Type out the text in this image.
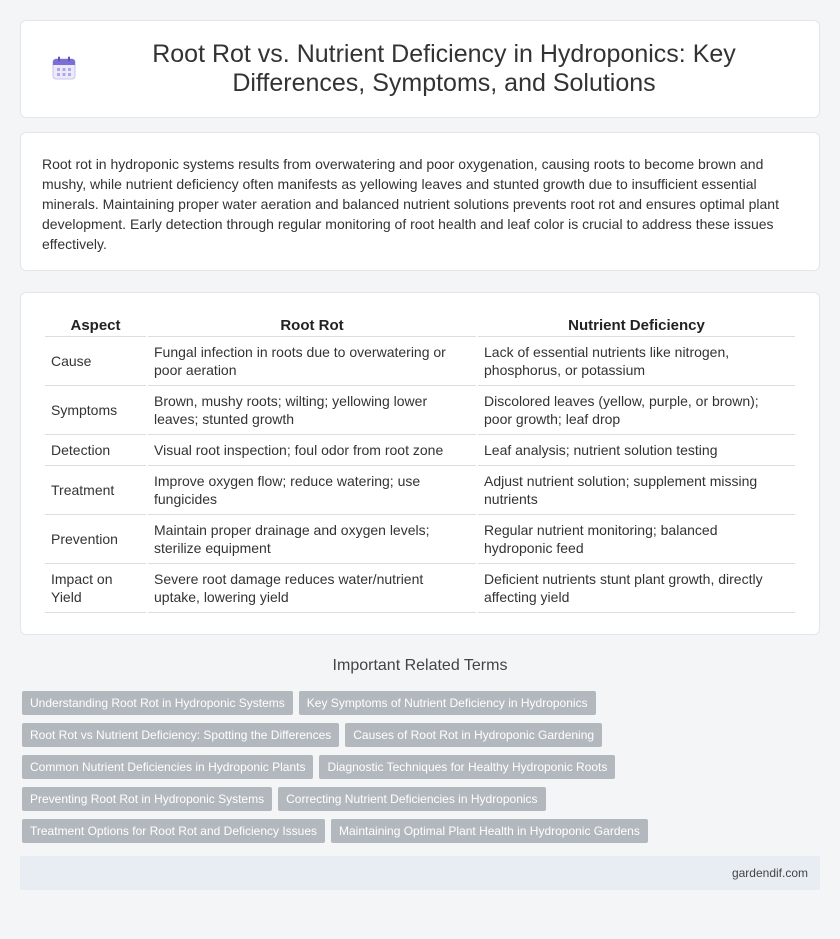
Root Rot vs. Nutrient Deficiency in Hydroponics: Key Differences, Symptoms, and Solutions

Root rot in hydroponic systems results from overwatering and poor oxygenation, causing roots to become brown and mushy, while nutrient deficiency often manifests as yellowing leaves and stunted growth due to insufficient essential minerals. Maintaining proper water aeration and balanced nutrient solutions prevents root rot and ensures optimal plant development. Early detection through regular monitoring of root health and leaf color is crucial to address these issues effectively.

Aspect	Root Rot	Nutrient Deficiency
Cause	Fungal infection in roots due to overwatering or poor aeration	Lack of essential nutrients like nitrogen, phosphorus, or potassium
Symptoms	Brown, mushy roots; wilting; yellowing lower leaves; stunted growth	Discolored leaves (yellow, purple, or brown); poor growth; leaf drop
Detection	Visual root inspection; foul odor from root zone	Leaf analysis; nutrient solution testing
Treatment	Improve oxygen flow; reduce watering; use fungicides	Adjust nutrient solution; supplement missing nutrients
Prevention	Maintain proper drainage and oxygen levels; sterilize equipment	Regular nutrient monitoring; balanced hydroponic feed
Impact on Yield	Severe root damage reduces water/nutrient uptake, lowering yield	Deficient nutrients stunt plant growth, directly affecting yield
Important Related Terms
Understanding Root Rot in Hydroponic Systems	Key Symptoms of Nutrient Deficiency in Hydroponics
Root Rot vs Nutrient Deficiency: Spotting the Differences	Causes of Root Rot in Hydroponic Gardening
Common Nutrient Deficiencies in Hydroponic Plants	Diagnostic Techniques for Healthy Hydroponic Roots
Preventing Root Rot in Hydroponic Systems	Correcting Nutrient Deficiencies in Hydroponics
Treatment Options for Root Rot and Deficiency Issues	Maintaining Optimal Plant Health in Hydroponic Gardens
gardendif.com
